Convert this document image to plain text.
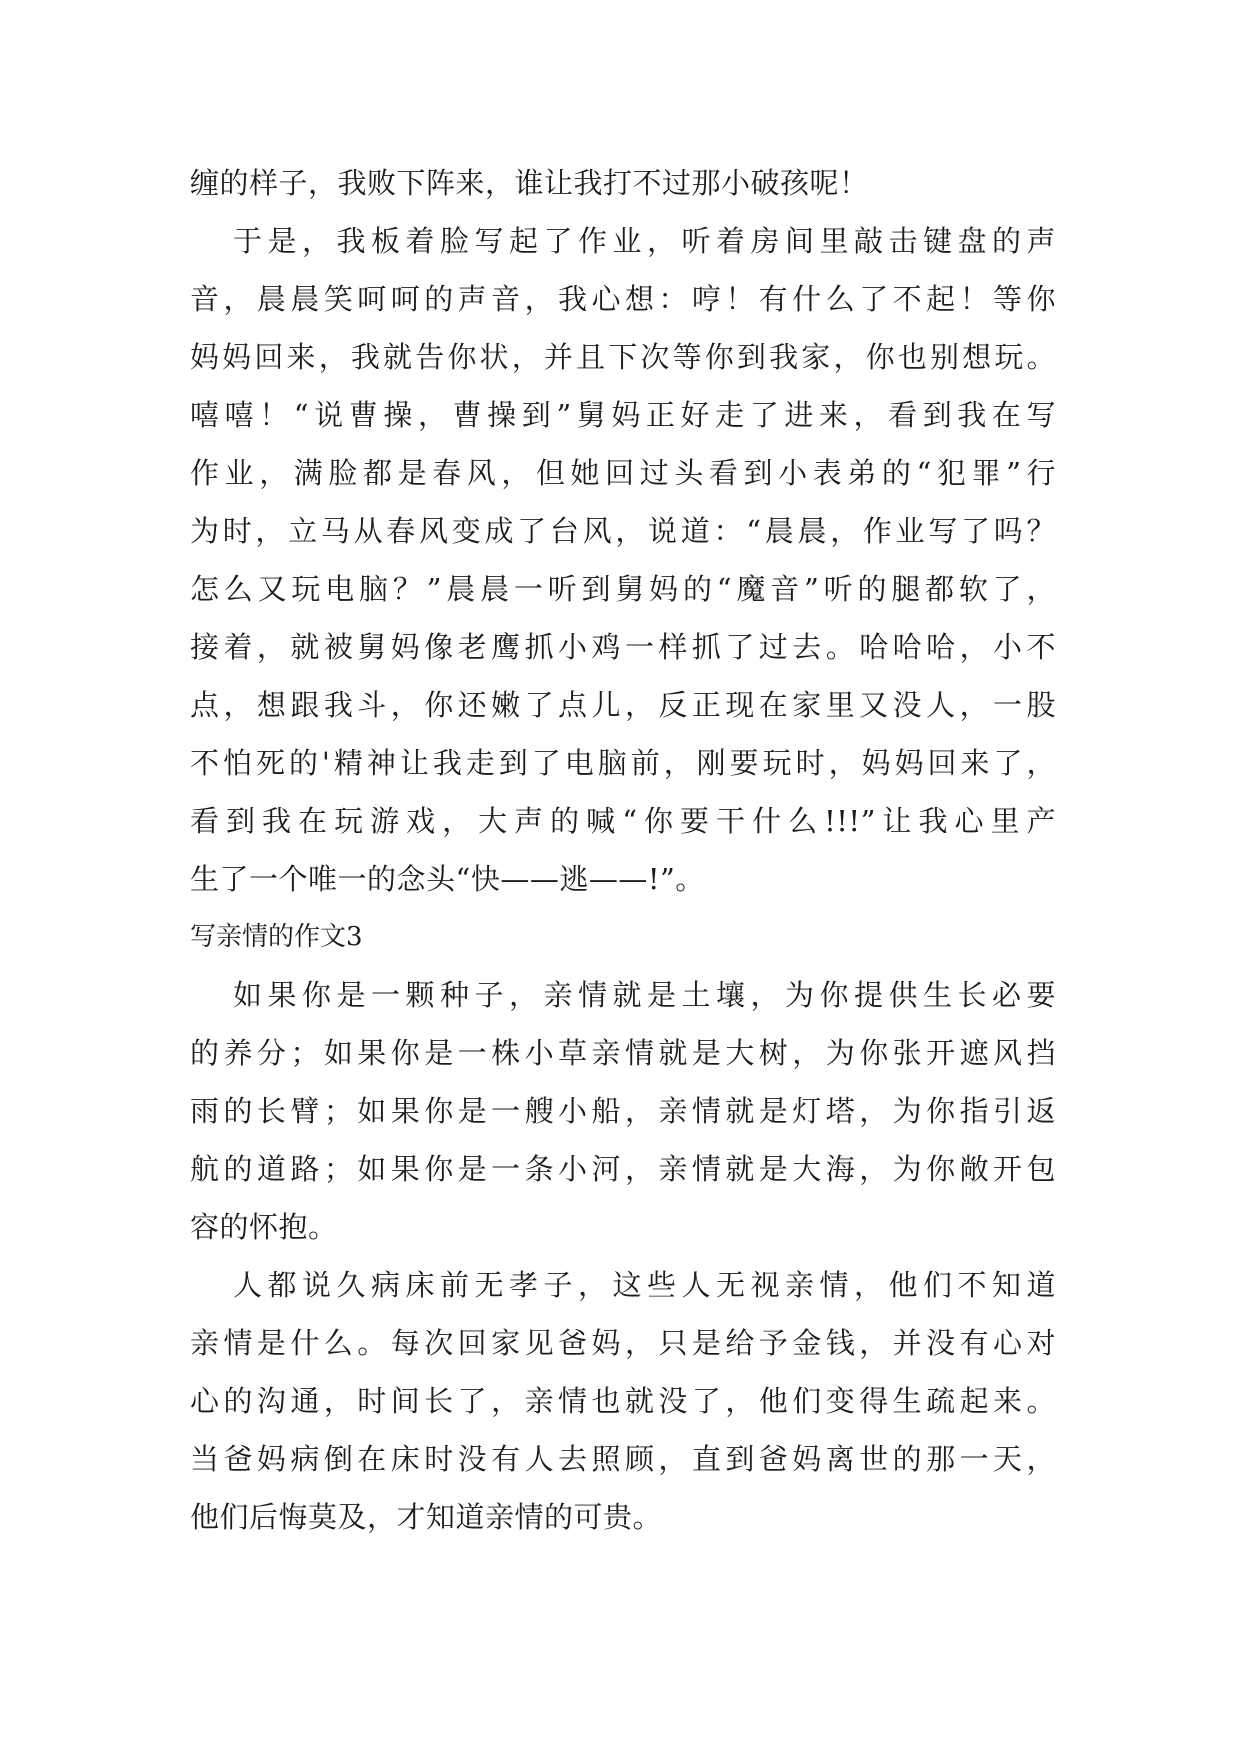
缠的样子，我败下阵来，谁让我打不过那小破孩呢！
于是，我板着脸写起了作业，听着房间里敲击键盘的声
音，晨晨笑呵呵的声音，我心想：哼！有什么了不起！等你
妈妈回来，我就告你状，并且下次等你到我家，你也别想玩。
嘻嘻！“说曹操，曹操到”舅妈正好走了进来，看到我在写
作业，满脸都是春风，但她回过头看到小表弟的“犯罪”行
为时，立马从春风变成了台风，说道：“晨晨，作业写了吗？
怎么又玩电脑？”晨晨一听到舅妈的“魔音”听的腿都软了，
接着，就被舅妈像老鹰抓小鸡一样抓了过去。哈哈哈，小不
点，想跟我斗，你还嫩了点儿，反正现在家里又没人，一股
不怕死的'精神让我走到了电脑前，刚要玩时，妈妈回来了，
看到我在玩游戏，大声的喊“你要干什么!!!”让我心里产
生了一个唯一的念头“快——逃——!”。
写亲情的作文3
如果你是一颗种子，亲情就是土壤，为你提供生长必要
的养分；如果你是一株小草亲情就是大树，为你张开遮风挡
雨的长臂；如果你是一艘小船，亲情就是灯塔，为你指引返
航的道路；如果你是一条小河，亲情就是大海，为你敞开包
容的怀抱。
人都说久病床前无孝子，这些人无视亲情，他们不知道
亲情是什么。每次回家见爸妈，只是给予金钱，并没有心对
心的沟通，时间长了，亲情也就没了，他们变得生疏起来。
当爸妈病倒在床时没有人去照顾，直到爸妈离世的那一天，
他们后悔莫及，才知道亲情的可贵。
